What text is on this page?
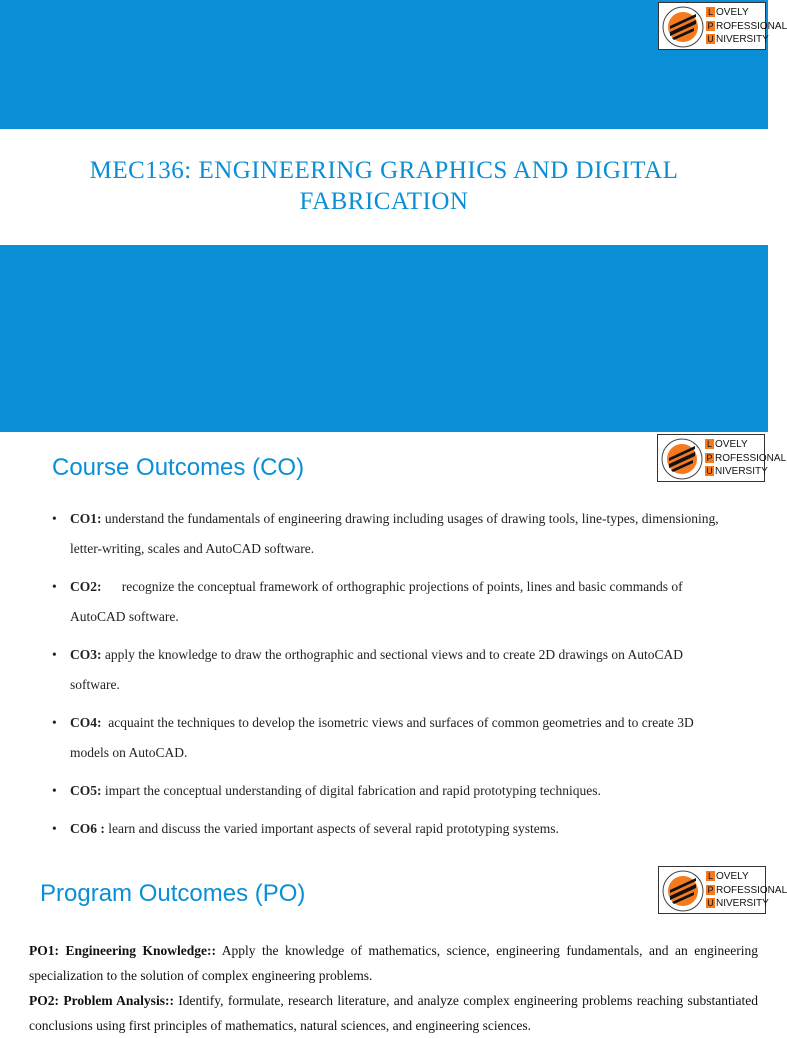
L OVELY
P ROFESSIONAL
U NIVERSITY
MEC136: ENGINEERING GRAPHICS AND DIGITAL FABRICATION
Course Outcomes (CO)
L OVELY
P ROFESSIONAL
U NIVERSITY
• CO1: understand the fundamentals of engineering drawing including usages of drawing tools, line-types, dimensioning, letter-writing, scales and AutoCAD software.
• CO2:      recognize the conceptual framework of orthographic projections of points, lines and basic commands of AutoCAD software.
• CO3: apply the knowledge to draw the orthographic and sectional views and to create 2D drawings on AutoCAD software.
• CO4:  acquaint the techniques to develop the isometric views and surfaces of common geometries and to create 3D models on AutoCAD.
• CO5: impart the conceptual understanding of digital fabrication and rapid prototyping techniques.
• CO6 : learn and discuss the varied important aspects of several rapid prototyping systems.
Program Outcomes (PO)
L OVELY
P ROFESSIONAL
U NIVERSITY
PO1: Engineering Knowledge:: Apply the knowledge of mathematics, science, engineering fundamentals, and an engineering specialization to the solution of complex engineering problems.
PO2: Problem Analysis:: Identify, formulate, research literature, and analyze complex engineering problems reaching substantiated conclusions using first principles of mathematics, natural sciences, and engineering sciences.
